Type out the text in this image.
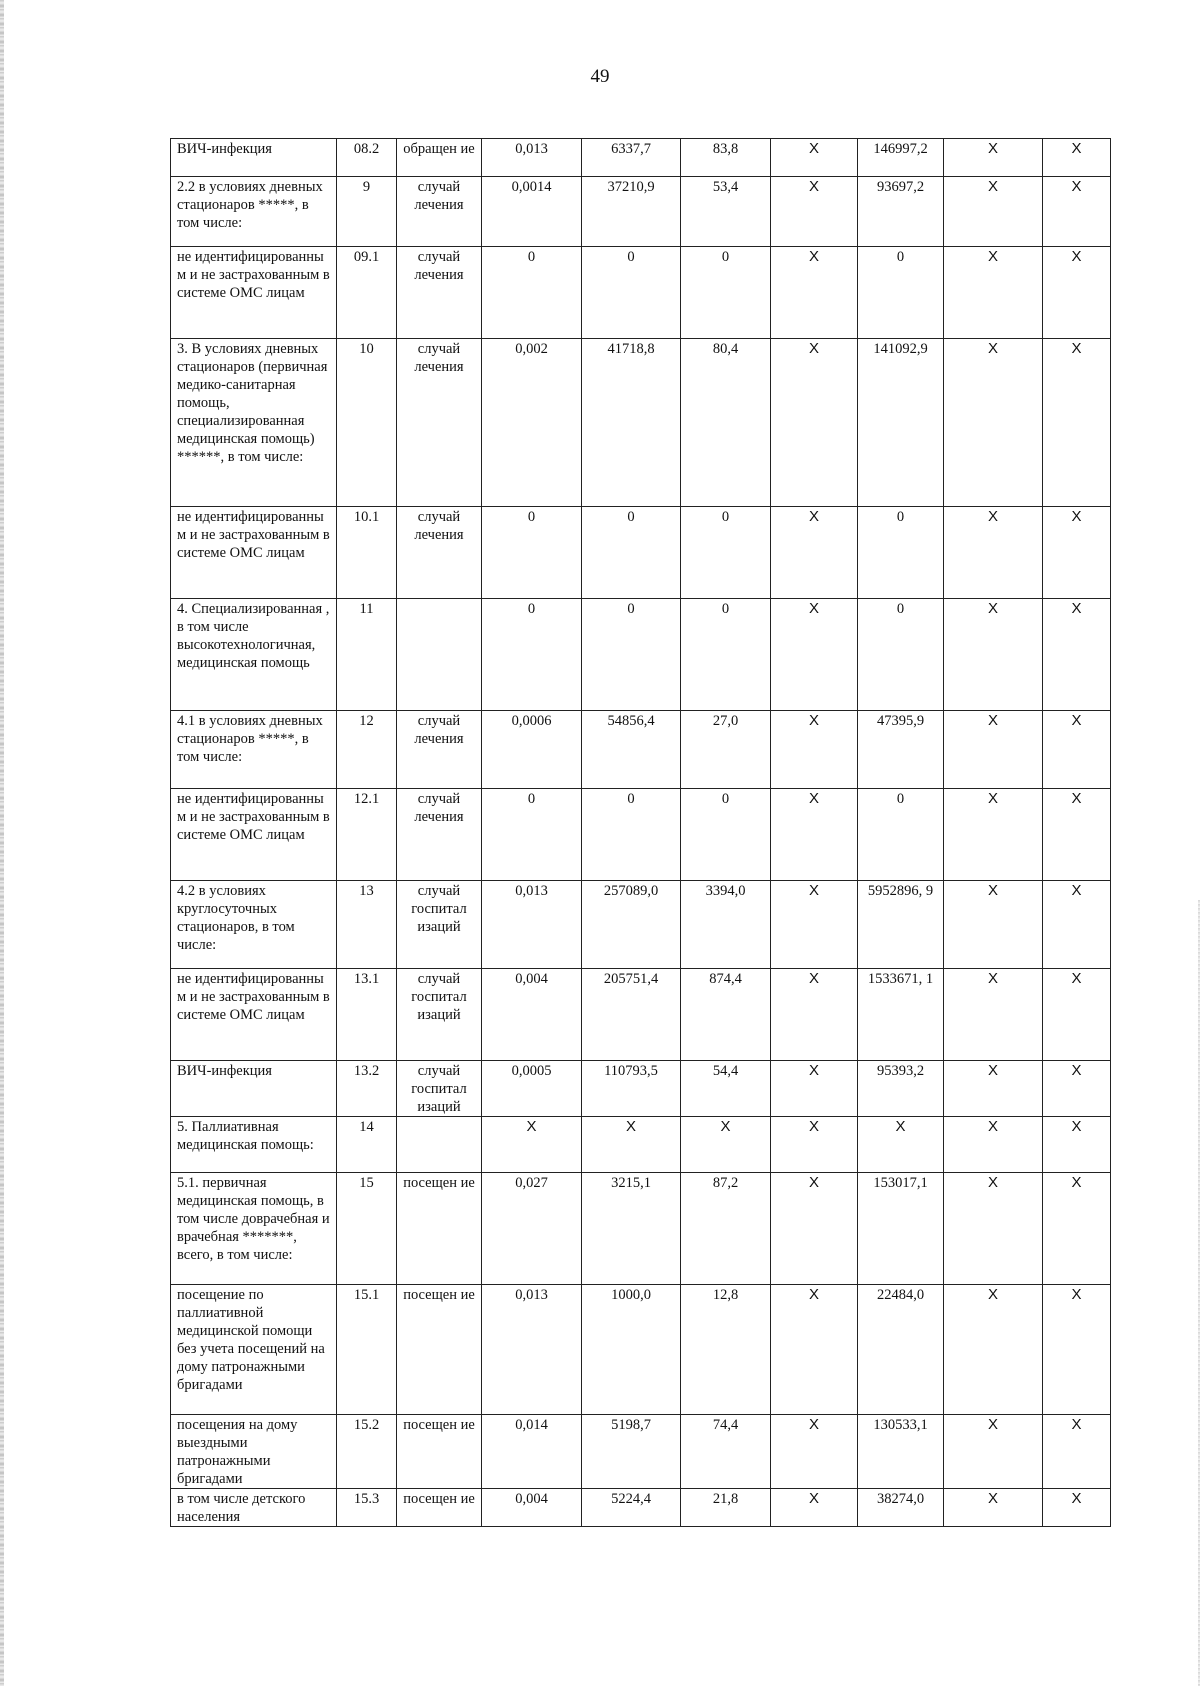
49
ВИЧ-инфекция	08.2	обращен ие	0,013	6337,7	83,8	X	146997,2	X	X
2.2 в условиях дневных стационаров *****, в том числе:	9	случай лечения	0,0014	37210,9	53,4	X	93697,2	X	X
не идентифицированны м и не застрахованным в системе ОМС лицам	09.1	случай лечения	0	0	0	X	0	X	X
3. В условиях дневных стационаров (первичная медико-санитарная помощь, специализированная медицинская помощь) ******, в том числе:	10	случай лечения	0,002	41718,8	80,4	X	141092,9	X	X
не идентифицированны м и не застрахованным в системе ОМС лицам	10.1	случай лечения	0	0	0	X	0	X	X
4. Специализированная , в том числе высокотехнологичная, медицинская помощь	11		0	0	0	X	0	X	X
4.1 в условиях дневных стационаров *****, в том числе:	12	случай лечения	0,0006	54856,4	27,0	X	47395,9	X	X
не идентифицированны м и не застрахованным в системе ОМС лицам	12.1	случай лечения	0	0	0	X	0	X	X
4.2 в условиях круглосуточных стационаров, в том числе:	13	случай госпитал изаций	0,013	257089,0	3394,0	X	5952896, 9	X	X
не идентифицированны м и не застрахованным в системе ОМС лицам	13.1	случай госпитал изаций	0,004	205751,4	874,4	X	1533671, 1	X	X
ВИЧ-инфекция	13.2	случай госпитал изаций	0,0005	110793,5	54,4	X	95393,2	X	X
5. Паллиативная медицинская помощь:	14		X	X	X	X	X	X	X
5.1. первичная медицинская помощь, в том числе доврачебная и врачебная *******, всего, в том числе:	15	посещен ие	0,027	3215,1	87,2	X	153017,1	X	X
посещение по паллиативной медицинской помощи без учета посещений на дому патронажными бригадами	15.1	посещен ие	0,013	1000,0	12,8	X	22484,0	X	X
посещения на дому выездными патронажными бригадами	15.2	посещен ие	0,014	5198,7	74,4	X	130533,1	X	X
в том числе детского населения	15.3	посещен ие	0,004	5224,4	21,8	X	38274,0	X	X
